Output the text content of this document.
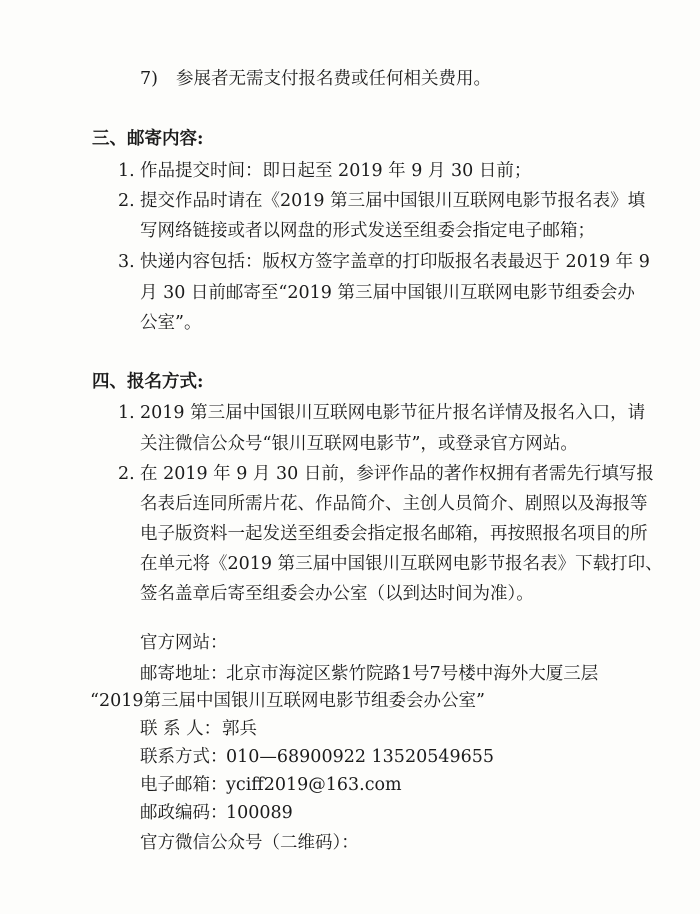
7) 参展者无需支付报名费或任何相关费用。
三、邮寄内容:
1. 作品提交时间：即日起至 2019 年 9 月 30 日前；
2. 提交作品时请在《2019 第三届中国银川互联网电影节报名表》填
写网络链接或者以网盘的形式发送至组委会指定电子邮箱；
3. 快递内容包括：版权方签字盖章的打印版报名表最迟于 2019 年 9
月 30 日前邮寄至“2019 第三届中国银川互联网电影节组委会办
公室”。
四、报名方式:
1. 2019 第三届中国银川互联网电影节征片报名详情及报名入口，请
关注微信公众号“银川互联网电影节”，或登录官方网站。
2. 在 2019 年 9 月 30 日前，参评作品的著作权拥有者需先行填写报
名表后连同所需片花、作品简介、主创人员简介、剧照以及海报等
电子版资料一起发送至组委会指定报名邮箱，再按照报名项目的所
在单元将《2019 第三届中国银川互联网电影节报名表》下载打印、
签名盖章后寄至组委会办公室（以到达时间为准）。
官方网站：
邮寄地址：
北京市海淀区紫竹院路1号7号楼中海外大厦三层
“2019第三届中国银川互联网电影节组委会办公室”
联 系 人： 郭兵
联系方式：
010—68900922 13520549655
电子邮箱：
yciff2019@163.com
邮政编码：
100089
官方微信公众号（二维码）：
